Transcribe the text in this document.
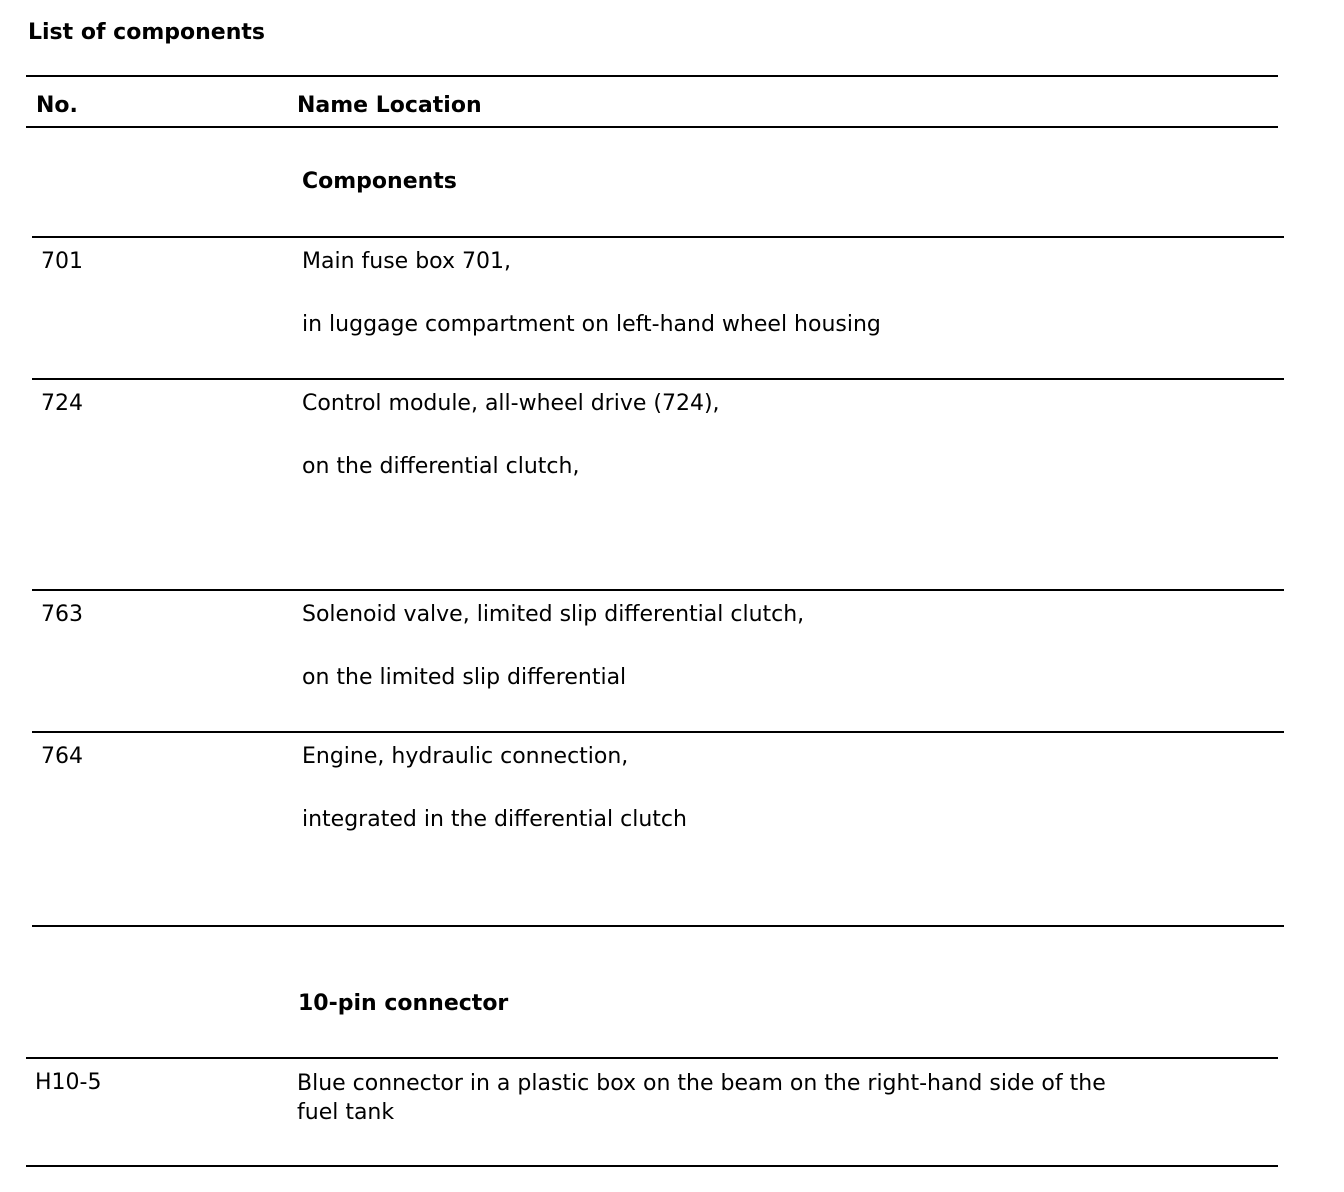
List of components
No.	Name Location
Components
701	Main fuse box 701,
in luggage compartment on left-hand wheel housing
724	Control module, all-wheel drive (724),
on the differential clutch,
763	Solenoid valve, limited slip differential clutch,
on the limited slip differential
764	Engine, hydraulic connection,
integrated in the differential clutch
10-pin connector
H10-5	Blue connector in a plastic box on the beam on the right-hand side of the fuel tank
